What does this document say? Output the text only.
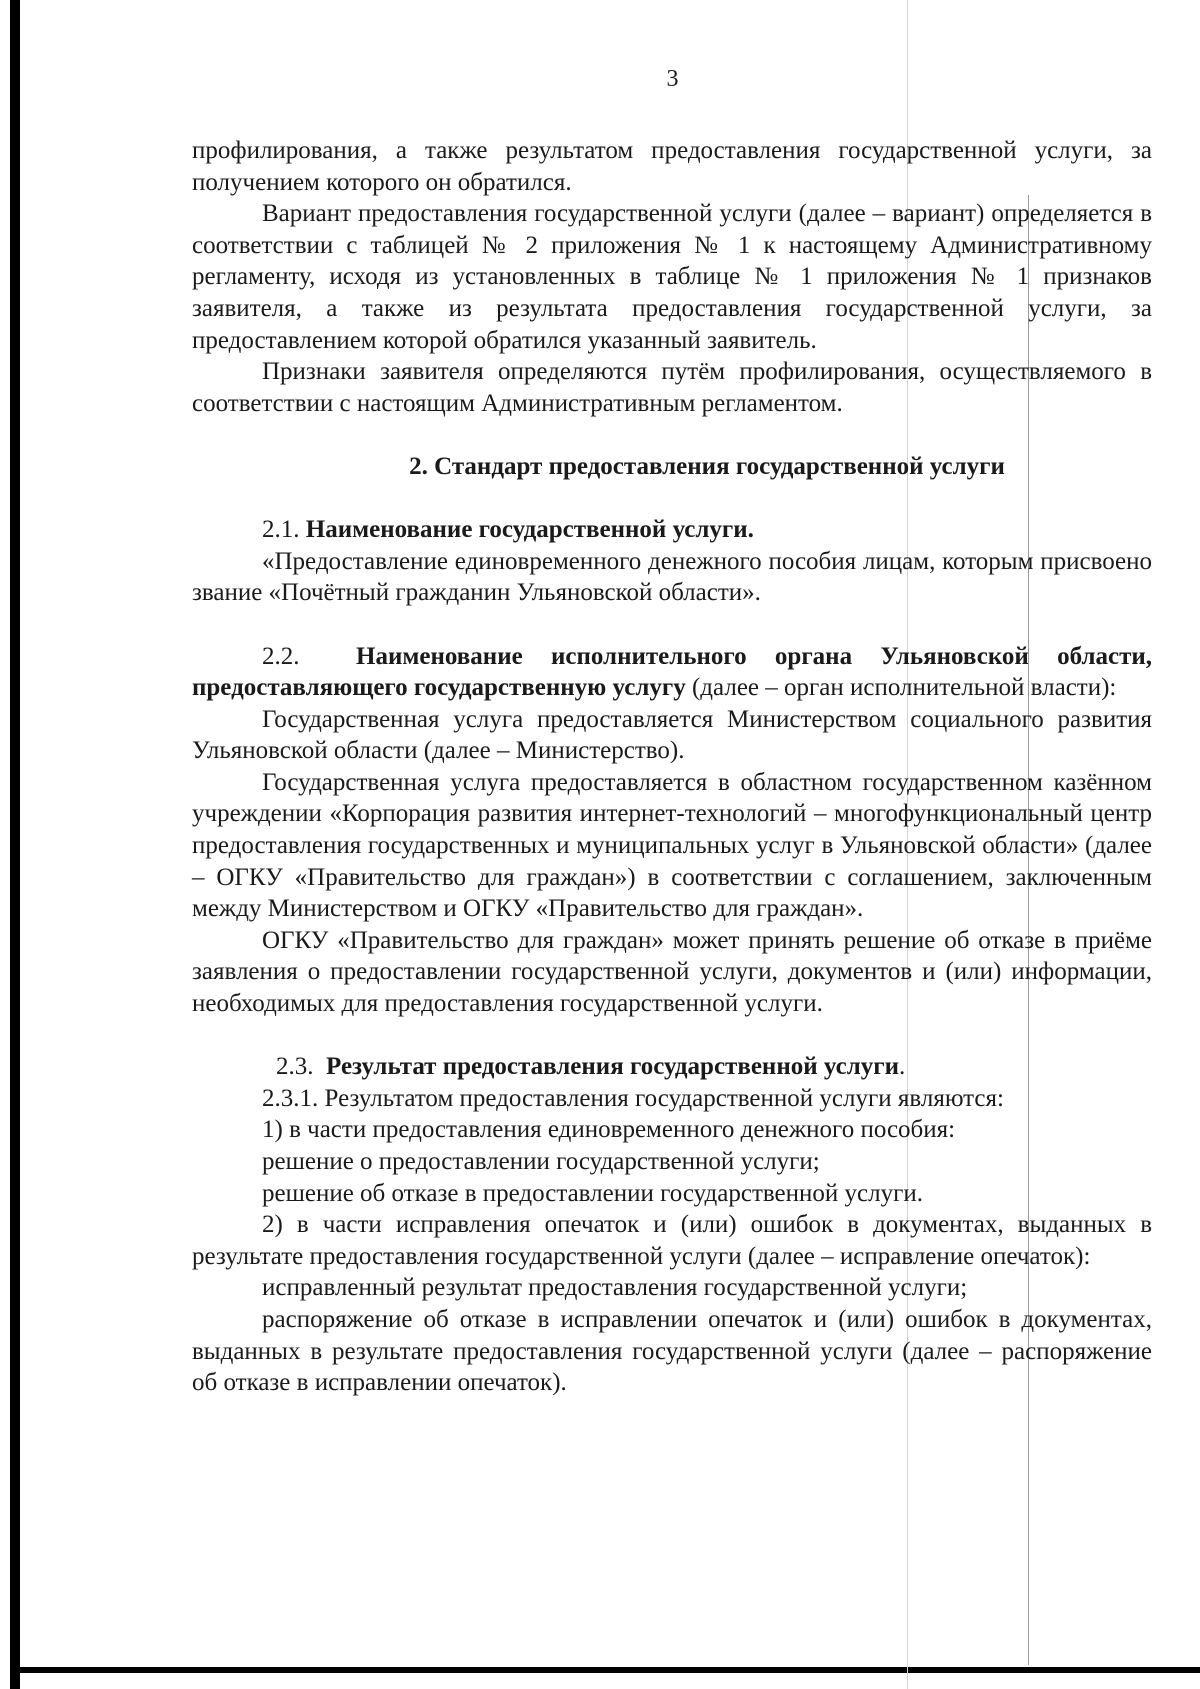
3

профилирования, а также результатом предоставления государственной услуги, за получением которого он обратился.

Вариант предоставления государственной услуги (далее – вариант) определяется в соответствии с таблицей № 2 приложения № 1 к настоящему Административному регламенту, исходя из установленных в таблице № 1 приложения № 1 признаков заявителя, а также из результата предоставления государственной услуги, за предоставлением которой обратился указанный заявитель.

Признаки заявителя определяются путём профилирования, осуществляемого в соответствии с настоящим Административным регламентом.

2. Стандарт предоставления государственной услуги

2.1. Наименование государственной услуги.

«Предоставление единовременного денежного пособия лицам, которым присвоено звание «Почётный гражданин Ульяновской области».

2.2. Наименование исполнительного органа Ульяновской области, предоставляющего государственную услугу (далее – орган исполнительной власти):

Государственная услуга предоставляется Министерством социального развития Ульяновской области (далее – Министерство).

Государственная услуга предоставляется в областном государственном казённом учреждении «Корпорация развития интернет-технологий – многофункциональный центр предоставления государственных и муниципальных услуг в Ульяновской области» (далее – ОГКУ «Правительство для граждан») в соответствии с соглашением, заключенным между Министерством и ОГКУ «Правительство для граждан».

ОГКУ «Правительство для граждан» может принять решение об отказе в приёме заявления о предоставлении государственной услуги, документов и (или) информации, необходимых для предоставления государственной услуги.

2.3. Результат предоставления государственной услуги.

2.3.1. Результатом предоставления государственной услуги являются:

1) в части предоставления единовременного денежного пособия:

решение о предоставлении государственной услуги;

решение об отказе в предоставлении государственной услуги.

2) в части исправления опечаток и (или) ошибок в документах, выданных в результате предоставления государственной услуги (далее – исправление опечаток):

исправленный результат предоставления государственной услуги;

распоряжение об отказе в исправлении опечаток и (или) ошибок в документах, выданных в результате предоставления государственной услуги (далее – распоряжение об отказе в исправлении опечаток).
